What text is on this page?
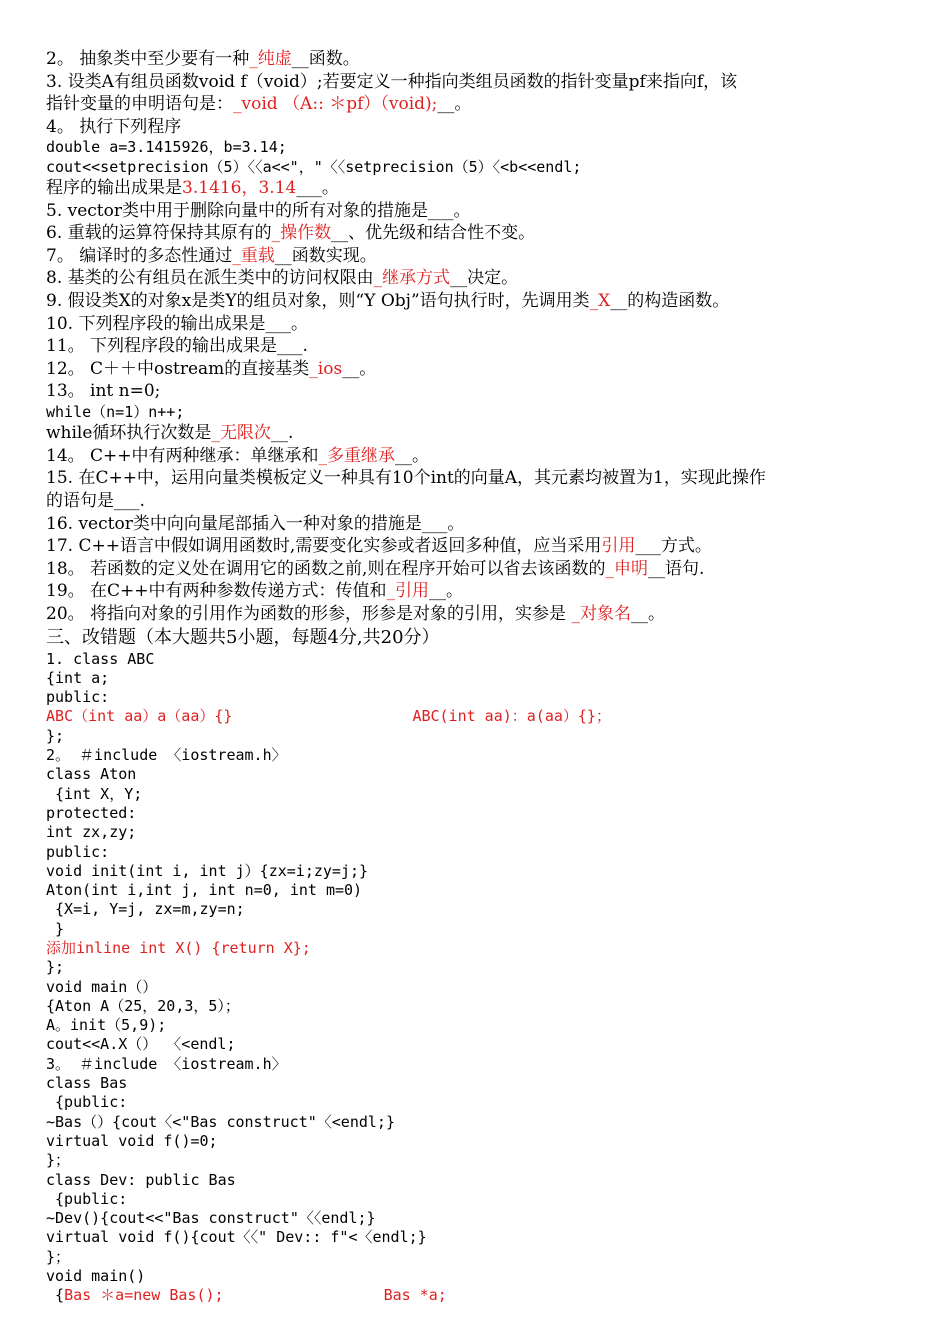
2。 抽象类中至少要有一种_纯虚__函数。
3. 设类A有组员函数void f（void）;若要定义一种指向类组员函数的指针变量pf来指向f，该
指针变量的申明语句是：_void （A:: ＊pf）（void);__。
4。 执行下列程序
double a=3.1415926，b=3.14;
cout<<setprecision（5）〈〈a<<"，"〈〈setprecision（5）〈<b<<endl;
程序的输出成果是3.1416，3.14___。
5. vector类中用于删除向量中的所有对象的措施是___。
6. 重载的运算符保持其原有的_操作数__、优先级和结合性不变。
7。 编译时的多态性通过_重载__函数实现。
8. 基类的公有组员在派生类中的访问权限由_继承方式__决定。
9. 假设类X的对象x是类Y的组员对象，则“Y Obj”语句执行时，先调用类_X__的构造函数。
10. 下列程序段的输出成果是___。
11。 下列程序段的输出成果是___.
12。 C＋＋中ostream的直接基类_ios__。
13。 int n=0;
while（n=1）n++;
while循环执行次数是_无限次__.
14。 C++中有两种继承：单继承和_多重继承__。
15. 在C++中，运用向量类模板定义一种具有10个int的向量A，其元素均被置为1，实现此操作
的语句是___.
16. vector类中向向量尾部插入一种对象的措施是___。
17. C++语言中假如调用函数时,需要变化实参或者返回多种值，应当采用引用___方式。
18。 若函数的定义处在调用它的函数之前,则在程序开始可以省去该函数的_申明__语句.
19。 在C++中有两种参数传递方式：传值和_引用__。
20。 将指向对象的引用作为函数的形参，形参是对象的引用，实参是 _对象名__。
三、改错题（本大题共5小题，每题4分,共20分）
1. class ABC
{int a;
public:
ABC（int aa）a（aa）{}	ABC(int aa)：a(aa）{}；
};
2。 ＃include 〈iostream.h〉
class Aton
{int X，Y;
protected:
int zx,zy;
public:
void init(int i, int j）{zx=i;zy=j;}
Aton(int i,int j, int n=0, int m=0)
{X=i, Y=j, zx=m,zy=n;
}
添加inline int X() {return X};
};
void main（）
{Aton A（25，20,3，5）；
A。init（5,9);
cout<<A.X（） 〈<endl;
3。 ＃include 〈iostream.h〉
class Bas
{public:
~Bas（）{cout〈<"Bas construct"〈<endl;}
virtual void f()=0;
}；
class Dev: public Bas
{public:
~Dev(){cout<<"Bas construct"〈〈endl;}
virtual void f(){cout〈〈" Dev:: f"<〈endl;}
}；
void main()
{Bas ＊a=new Bas();	Bas *a;
